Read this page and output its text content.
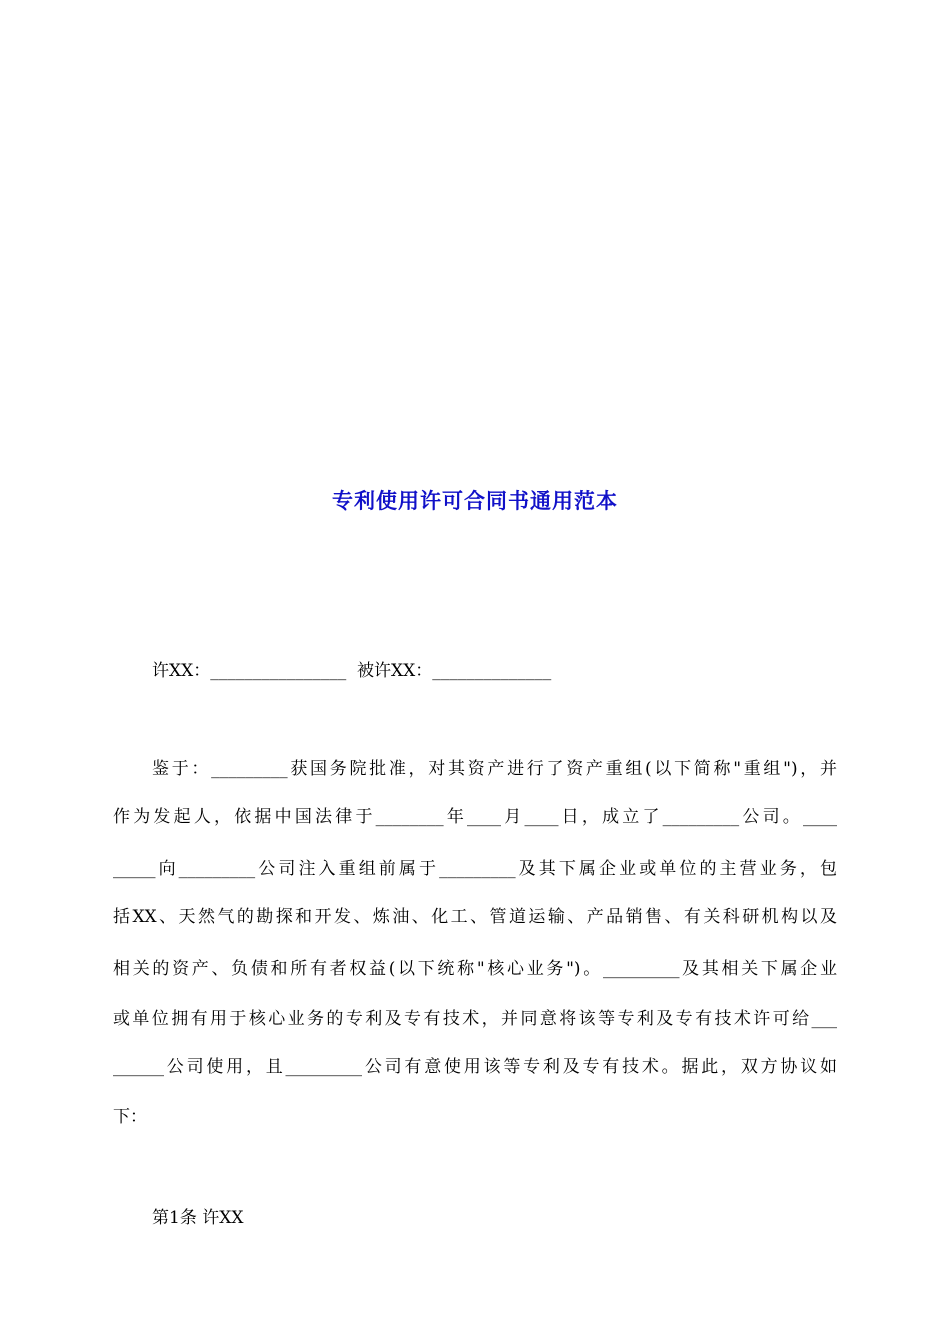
专利使用许可合同书通用范本
许XX：________________ 被许XX：______________
鉴于：_________获国务院批准，对其资产进行了资产重组(以下简称"重组")，并
作为发起人，依据中国法律于________年____月____日，成立了_________公司。____
_____向_________公司注入重组前属于_________及其下属企业或单位的主营业务，包
括XX、天然气的勘探和开发、炼油、化工、管道运输、产品销售、有关科研机构以及
相关的资产、负债和所有者权益(以下统称"核心业务")。_________及其相关下属企业
或单位拥有用于核心业务的专利及专有技术，并同意将该等专利及专有技术许可给___
______公司使用，且_________公司有意使用该等专利及专有技术。据此，双方协议如
下：
第1条 许XX
